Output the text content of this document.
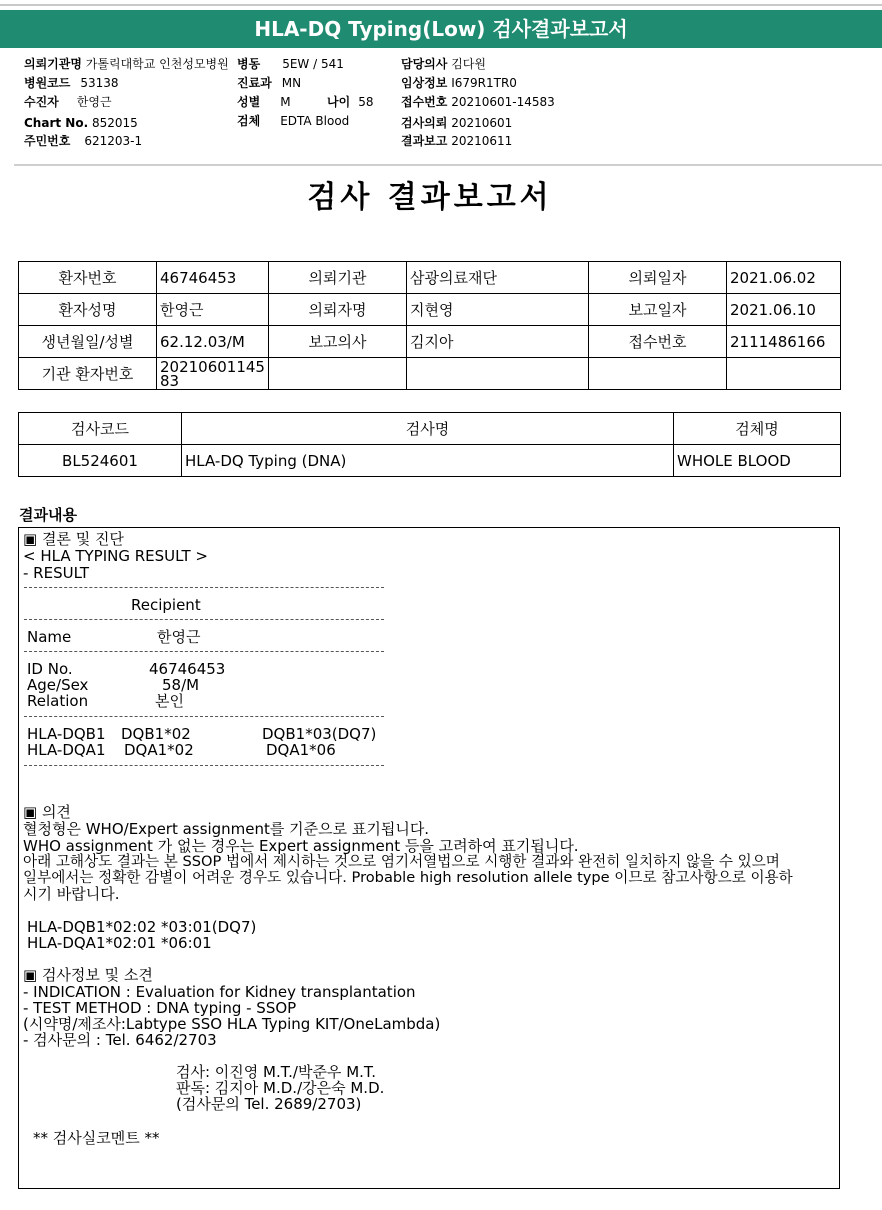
HLA-DQ Typing(Low) 검사결과보고서
의뢰기관명 가톨릭대학교 인천성모병원
병원코드 53138
수진자 한영근
Chart No. 852015
주민번호 621203-1
병동 5EW / 541
진료과 MN
성별 M	나이 58
검체 EDTA Blood
담당의사 김다원
임상정보 I679R1TR0
접수번호 20210601-14583
검사의뢰 20210601
결과보고 20210611
검사 결과보고서
환자번호	46746453	의뢰기관	삼광의료재단	의뢰일자	2021.06.02
환자성명	한영근	의뢰자명	지현영	보고일자	2021.06.10
생년월일/성별	62.12.03/M	보고의사	김지아	접수번호	2111486166
기관 환자번호	2021060114583				
검사코드	검사명	검체명
BL524601	HLA-DQ Typing (DNA)	WHOLE BLOOD
결과내용
▣ 결론 및 진단
< HLA TYPING RESULT >
- RESULT
Recipient
Name	한영근
ID No.	46746453
Age/Sex	58/M
Relation	본인
HLA-DQB1 DQB1*02	DQB1*03(DQ7)
HLA-DQA1 DQA1*02	DQA1*06
▣ 의견
혈청형은 WHO/Expert assignment를 기준으로 표기됩니다.
WHO assignment 가 없는 경우는 Expert assignment 등을 고려하여 표기됩니다.
아래 고해상도 결과는 본 SSOP 법에서 제시하는 것으로 염기서열법으로 시행한 결과와 완전히 일치하지 않을 수 있으며
일부에서는 정확한 감별이 어려운 경우도 있습니다. Probable high resolution allele type 이므로 참고사항으로 이용하
시기 바랍니다.
HLA-DQB1*02:02 *03:01(DQ7)
HLA-DQA1*02:01 *06:01
▣ 검사정보 및 소견
- INDICATION : Evaluation for Kidney transplantation
- TEST METHOD : DNA typing - SSOP
(시약명/제조사:Labtype SSO HLA Typing KIT/OneLambda)
- 검사문의 : Tel. 6462/2703
검사: 이진영 M.T./박준우 M.T.
판독: 김지아 M.D./강은숙 M.D.
(검사문의 Tel. 2689/2703)
** 검사실코멘트 **
